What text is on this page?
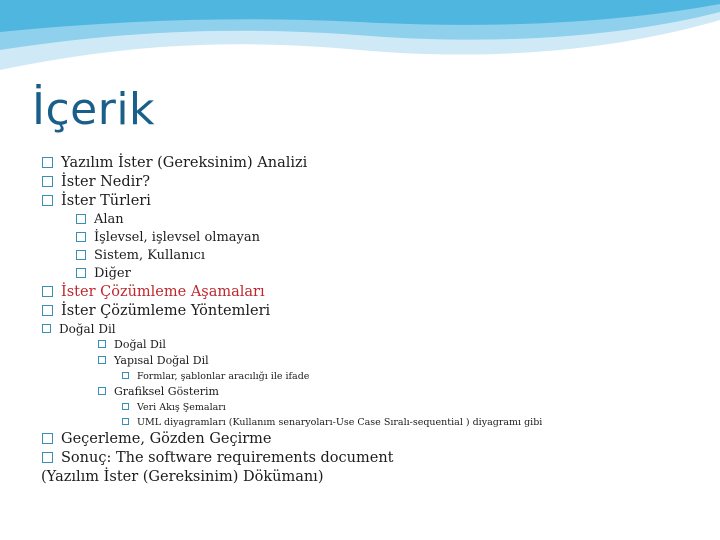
İçerik
Yazılım İster (Gereksinim) Analizi
İster Nedir?
İster Türleri
Alan
İşlevsel, işlevsel olmayan
Sistem, Kullanıcı
Diğer
İster Çözümleme Aşamaları
İster Çözümleme Yöntemleri
Doğal Dil
Doğal Dil
Yapısal Doğal Dil
Formlar, şablonlar aracılığı ile ifade
Grafiksel Gösterim
Veri Akış Şemaları
UML diyagramları (Kullanım senaryoları-Use Case Sıralı-sequential ) diyagramı gibi
Geçerleme, Gözden Geçirme
Sonuç: The software requirements document
(Yazılım İster (Gereksinim) Dökümanı)
